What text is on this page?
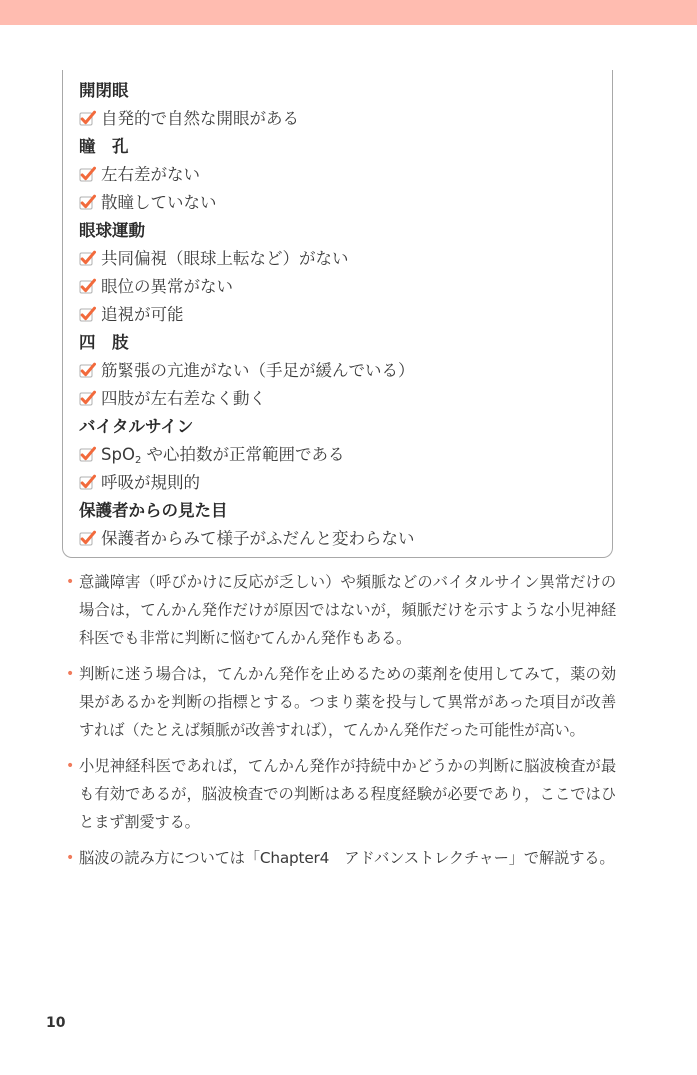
開閉眼
自発的で自然な開眼がある
瞳　孔
左右差がない
散瞳していない
眼球運動
共同偏視（眼球上転など）がない
眼位の異常がない
追視が可能
四　肢
筋緊張の亢進がない（手足が緩んでいる）
四肢が左右差なく動く
バイタルサイン
SpO$_2$ や心拍数が正常範囲である
呼吸が規則的
保護者からの見た目
保護者からみて様子がふだんと変わらない
• 意識障害（呼びかけに反応が乏しい）や頻脈などのバイタルサイン異常だけの場合は，てんかん発作だけが原因ではないが，頻脈だけを示すような小児神経科医でも非常に判断に悩むてんかん発作もある。
• 判断に迷う場合は，てんかん発作を止めるための薬剤を使用してみて，薬の効果があるかを判断の指標とする。つまり薬を投与して異常があった項目が改善すれば（たとえば頻脈が改善すれば），てんかん発作だった可能性が高い。
• 小児神経科医であれば，てんかん発作が持続中かどうかの判断に脳波検査が最も有効であるが，脳波検査での判断はある程度経験が必要であり，ここではひとまず割愛する。
• 脳波の読み方については「Chapter4　アドバンストレクチャー」で解説する。
10
